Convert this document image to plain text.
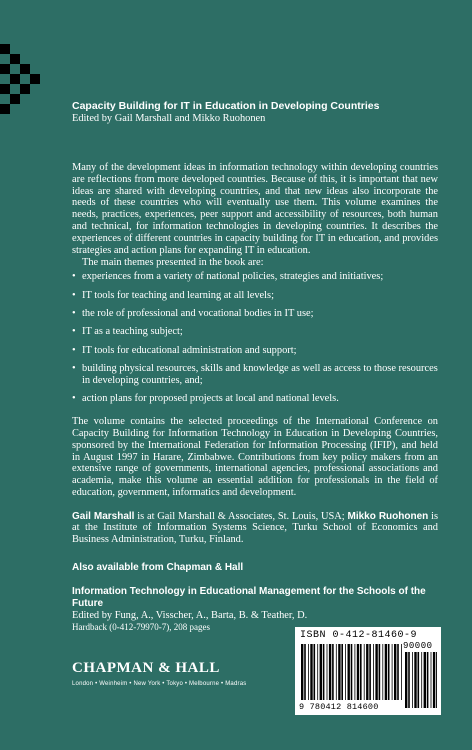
Capacity Building for IT in Education in Developing Countries
Edited by Gail Marshall and Mikko Ruohonen

Many of the development ideas in information technology within developing countries are reflections from more developed countries. Because of this, it is important that new ideas are shared with developing countries, and that new ideas also incorporate the needs of these countries who will eventually use them. This volume examines the needs, practices, experiences, peer support and accessibility of resources, both human and technical, for information technologies in developing countries. It describes the experiences of different countries in capacity building for IT in education, and provides strategies and action plans for expanding IT in education.

The main themes presented in the book are:

• experiences from a variety of national policies, strategies and initiatives;
• IT tools for teaching and learning at all levels;
• the role of professional and vocational bodies in IT use;
• IT as a teaching subject;
• IT tools for educational administration and support;
• building physical resources, skills and knowledge as well as access to those resources in developing countries, and;
• action plans for proposed projects at local and national levels.

The volume contains the selected proceedings of the International Conference on Capacity Building for Information Technology in Education in Developing Countries, sponsored by the International Federation for Information Processing (IFIP), and held in August 1997 in Harare, Zimbabwe. Contributions from key policy makers from an extensive range of governments, international agencies, professional associations and academia, make this volume an essential addition for professionals in the field of education, government, informatics and development.

Gail Marshall is at Gail Marshall & Associates, St. Louis, USA; Mikko Ruohonen is at the Institute of Information Systems Science, Turku School of Economics and Business Administration, Turku, Finland.

Also available from Chapman & Hall
Information Technology in Educational Management for the Schools of the Future
Edited by Fung, A., Visscher, A., Barta, B. & Teather, D.
Hardback (0-412-79970-7), 208 pages
CHAPMAN & HALL
London • Weinheim • New York • Tokyo • Melbourne • Madras
ISBN 0-412-81460-9
90000
9 780412 814600
